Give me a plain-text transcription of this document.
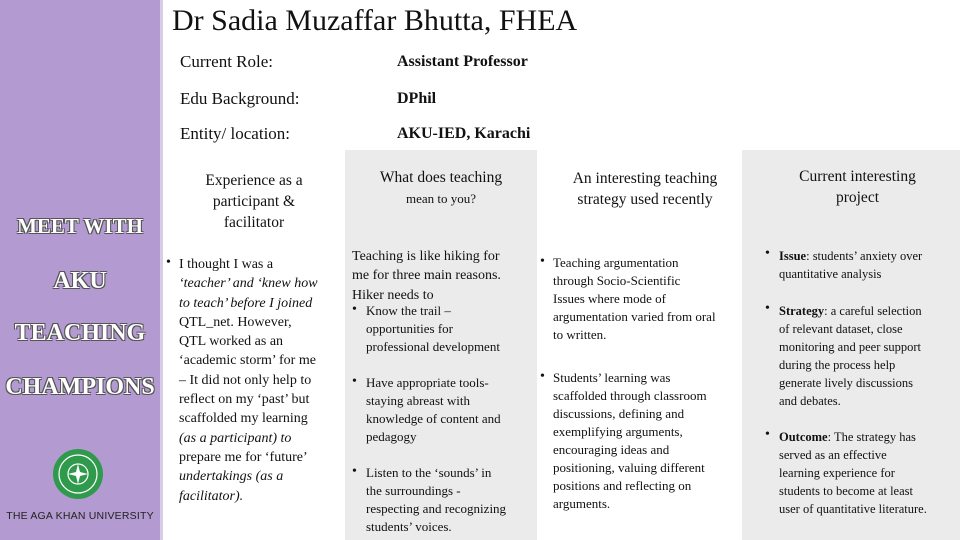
MEET WITH
AKU
TEACHING
CHAMPIONS
THE AGA KHAN UNIVERSITY
Dr Sadia Muzaffar Bhutta, FHEA
Current Role:	Assistant Professor
Edu Background:	DPhil
Entity/ location:	AKU-IED, Karachi
Experience as a
participant &
facilitator
• I thought I was a
‘teacher’ and ‘knew how
to teach’ before I joined
QTL_net. However,
QTL worked as an
‘academic storm’ for me
– It did not only help to
reflect on my ‘past’ but
scaffolded my learning
(as a participant) to
prepare me for ‘future’
undertakings (as a
facilitator).
What does teaching
mean to you?
Teaching is like hiking for
me for three main reasons.
Hiker needs to
• Know the trail –
opportunities for
professional development
• Have appropriate tools-
staying abreast with
knowledge of content and
pedagogy
• Listen to the ‘sounds’ in
the surroundings -
respecting and recognizing
students’ voices.
An interesting teaching
strategy used recently
• Teaching argumentation
through Socio-Scientific
Issues where mode of
argumentation varied from oral
to written.
• Students’ learning was
scaffolded through classroom
discussions, defining and
exemplifying arguments,
encouraging ideas and
positioning, valuing different
positions and reflecting on
arguments.
Current interesting
project
• Issue: students’ anxiety over
quantitative analysis
• Strategy: a careful selection
of relevant dataset, close
monitoring and peer support
during the process help
generate lively discussions
and debates.
• Outcome: The strategy has
served as an effective
learning experience for
students to become at least
user of quantitative literature.
